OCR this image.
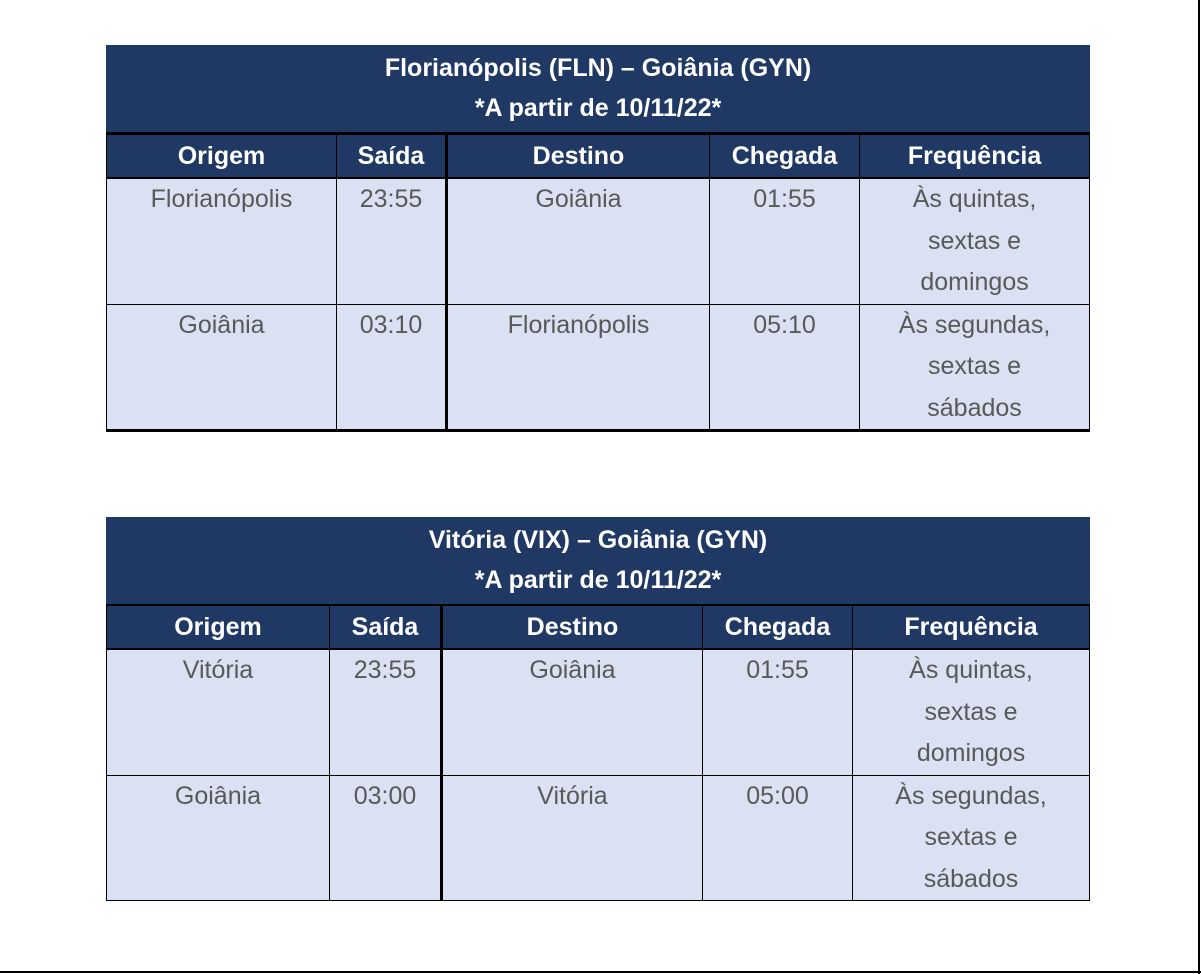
Florianópolis (FLN) – Goiânia (GYN)
*A partir de 10/11/22*				

Origem	Saída	Destino	Chegada	Frequência
Florianópolis	23:55	Goiânia	01:55	Às quintas,
sextas e
domingos

Goiânia	03:10	Florianópolis	05:10	Às segundas,
sextas e
sábados
Vitória (VIX) – Goiânia (GYN)
*A partir de 10/11/22*				

Origem	Saída	Destino	Chegada	Frequência
Vitória	23:55	Goiânia	01:55	Às quintas,
sextas e
domingos

Goiânia	03:00	Vitória	05:00	Às segundas,
sextas e
sábados
